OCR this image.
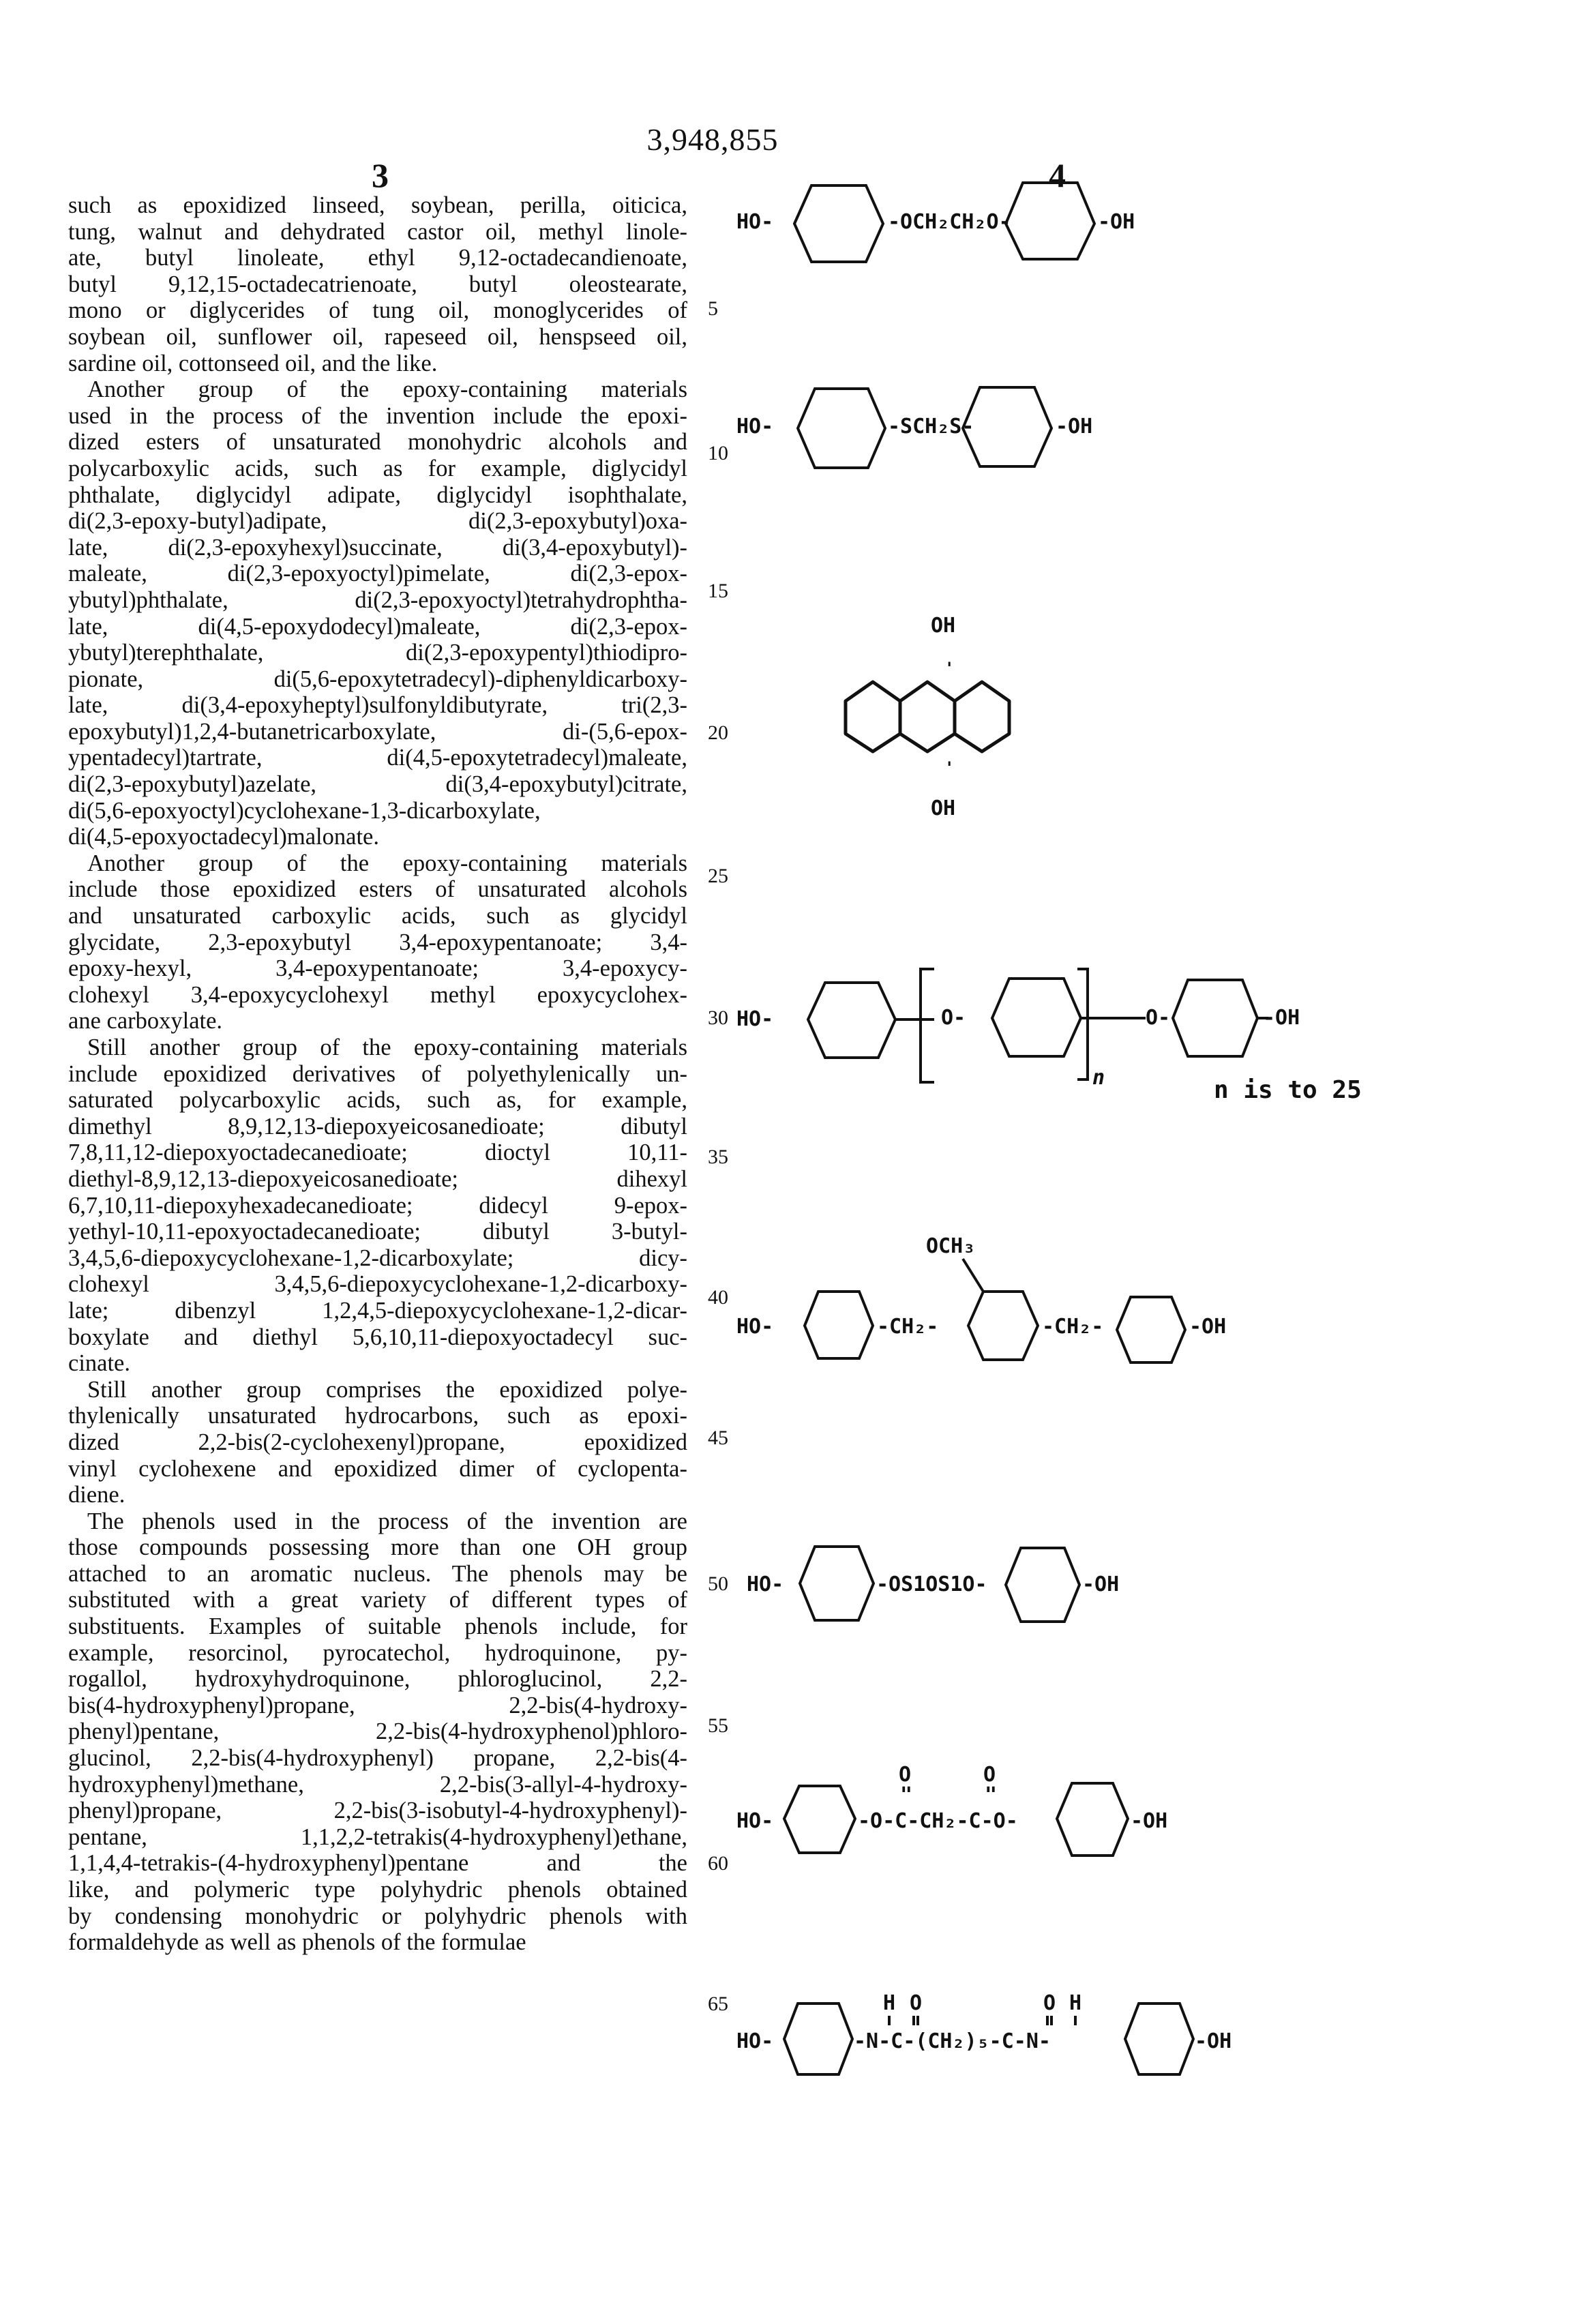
3,948,855
3	4

such as epoxidized linseed, soybean, perilla, oiticica,
tung, walnut and dehydrated castor oil, methyl linole-
ate, butyl linoleate, ethyl 9,12-octadecandienoate,
butyl 9,12,15-octadecatrienoate, butyl oleostearate,
mono or diglycerides of tung oil, monoglycerides of
soybean oil, sunflower oil, rapeseed oil, henspseed oil,
sardine oil, cottonseed oil, and the like.

Another group of the epoxy-containing materials
used in the process of the invention include the epoxi-
dized esters of unsaturated monohydric alcohols and
polycarboxylic acids, such as for example, diglycidyl
phthalate, diglycidyl adipate, diglycidyl isophthalate,
di(2,3-epoxy-butyl)adipate, di(2,3-epoxybutyl)oxa-
late, di(2,3-epoxyhexyl)succinate, di(3,4-epoxybutyl)-
maleate, di(2,3-epoxyoctyl)pimelate, di(2,3-epox-
ybutyl)phthalate, di(2,3-epoxyoctyl)tetrahydrophtha-
late, di(4,5-epoxydodecyl)maleate, di(2,3-epox-
ybutyl)terephthalate, di(2,3-epoxypentyl)thiodipro-
pionate, di(5,6-epoxytetradecyl)-diphenyldicarboxy-
late, di(3,4-epoxyheptyl)sulfonyldibutyrate, tri(2,3-
epoxybutyl)1,2,4-butanetricarboxylate, di-(5,6-epox-
ypentadecyl)tartrate, di(4,5-epoxytetradecyl)maleate,
di(2,3-epoxybutyl)azelate, di(3,4-epoxybutyl)citrate,
di(5,6-epoxyoctyl)cyclohexane-1,3-dicarboxylate,
di(4,5-epoxyoctadecyl)malonate.

Another group of the epoxy-containing materials
include those epoxidized esters of unsaturated alcohols
and unsaturated carboxylic acids, such as glycidyl
glycidate, 2,3-epoxybutyl 3,4-epoxypentanoate; 3,4-
epoxy-hexyl, 3,4-epoxypentanoate; 3,4-epoxycy-
clohexyl 3,4-epoxycyclohexyl methyl epoxycyclohex-
ane carboxylate.

Still another group of the epoxy-containing materials
include epoxidized derivatives of polyethylenically un-
saturated polycarboxylic acids, such as, for example,
dimethyl 8,9,12,13-diepoxyeicosanedioate; dibutyl
7,8,11,12-diepoxyoctadecanedioate; dioctyl 10,11-
diethyl-8,9,12,13-diepoxyeicosanedioate; dihexyl
6,7,10,11-diepoxyhexadecanedioate; didecyl 9-epox-
yethyl-10,11-epoxyoctadecanedioate; dibutyl 3-butyl-
3,4,5,6-diepoxycyclohexane-1,2-dicarboxylate; dicy-
clohexyl 3,4,5,6-diepoxycyclohexane-1,2-dicarboxy-
late; dibenzyl 1,2,4,5-diepoxycyclohexane-1,2-dicar-
boxylate and diethyl 5,6,10,11-diepoxyoctadecyl suc-
cinate.

Still another group comprises the epoxidized polye-
thylenically unsaturated hydrocarbons, such as epoxi-
dized 2,2-bis(2-cyclohexenyl)propane, epoxidized
vinyl cyclohexene and epoxidized dimer of cyclopenta-
diene.

The phenols used in the process of the invention are
those compounds possessing more than one OH group
attached to an aromatic nucleus. The phenols may be
substituted with a great variety of different types of
substituents. Examples of suitable phenols include, for
example, resorcinol, pyrocatechol, hydroquinone, py-
rogallol, hydroxyhydroquinone, phloroglucinol, 2,2-
bis(4-hydroxyphenyl)propane, 2,2-bis(4-hydroxy-
phenyl)pentane, 2,2-bis(4-hydroxyphenol)phloro-
glucinol, 2,2-bis(4-hydroxyphenyl) propane, 2,2-bis(4-
hydroxyphenyl)methane, 2,2-bis(3-allyl-4-hydroxy-
phenyl)propane, 2,2-bis(3-isobutyl-4-hydroxyphenyl)-
pentane, 1,1,2,2-tetrakis(4-hydroxyphenyl)ethane,
1,1,4,4-tetrakis-(4-hydroxyphenyl)pentane and the
like, and polymeric type polyhydric phenols obtained
by condensing monohydric or polyhydric phenols with
formaldehyde as well as phenols of the formulae

5
10
15
20
25
30
35
40
45
50
55
60
65
HO-	-OCH₂CH₂O-	-OH
HO-	-SCH₂S-	-OH
OH
'
'
OH
HO-	O-
n
O-	-OH
n is to 25
OCH₃
HO-	-CH₂-	-CH₂-	-OH
HO-	-OS1OS1O-	-OH
O
"
O
"
HO-	-O-C-CH₂-C-O-	-OH
H O	O H
HO-	-N-C-(CH₂)₅-C-N-	-OH
